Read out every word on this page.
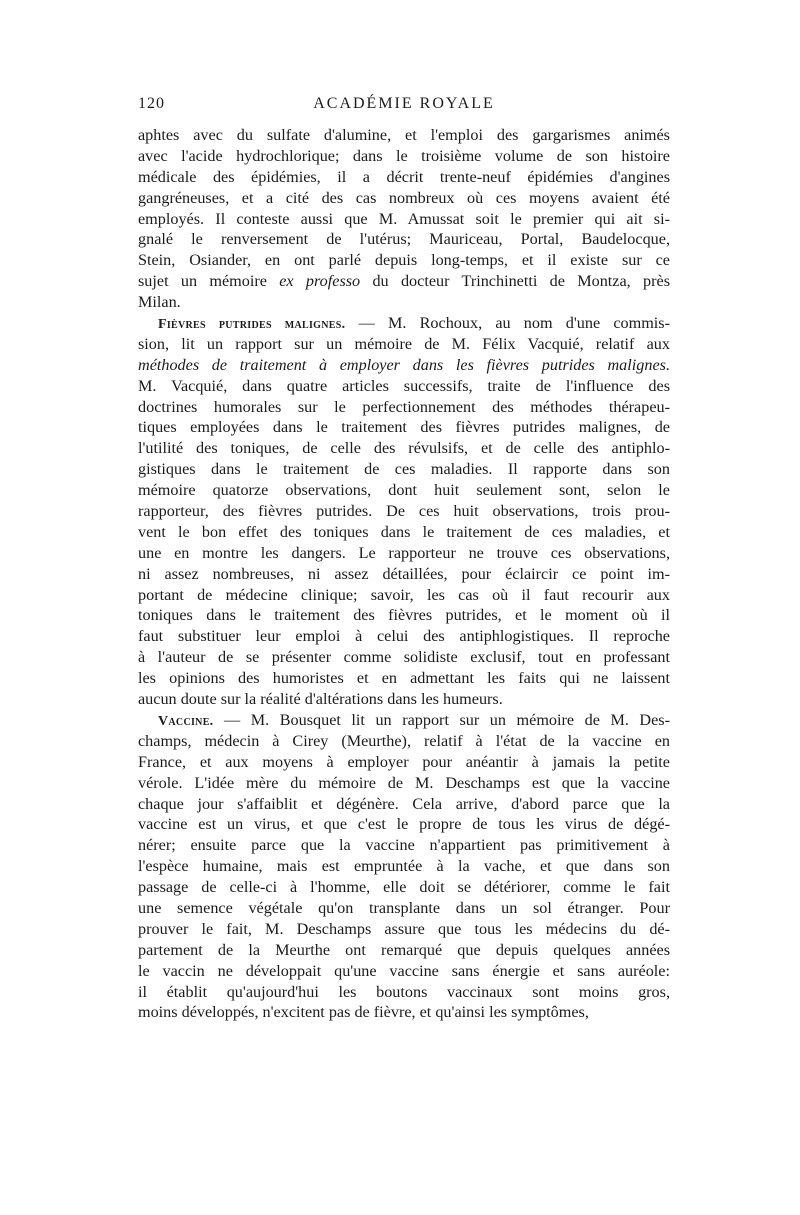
120	ACADÉMIE ROYALE
aphtes avec du sulfate d'alumine, et l'emploi des gargarismes animés
avec l'acide hydrochlorique; dans le troisième volume de son histoire
médicale des épidémies, il a décrit trente-neuf épidémies d'angines
gangréneuses, et a cité des cas nombreux où ces moyens avaient été
employés. Il conteste aussi que M. Amussat soit le premier qui ait si-
gnalé le renversement de l'utérus; Mauriceau, Portal, Baudelocque,
Stein, Osiander, en ont parlé depuis long-temps, et il existe sur ce
sujet un mémoire ex professo du docteur Trinchinetti de Montza, près
Milan.
Fièvres putrides malignes. — M. Rochoux, au nom d'une commis-
sion, lit un rapport sur un mémoire de M. Félix Vacquié, relatif aux
méthodes de traitement à employer dans les fièvres putrides malignes.
M. Vacquié, dans quatre articles successifs, traite de l'influence des
doctrines humorales sur le perfectionnement des méthodes thérapeu-
tiques employées dans le traitement des fièvres putrides malignes, de
l'utilité des toniques, de celle des révulsifs, et de celle des antiphlo-
gistiques dans le traitement de ces maladies. Il rapporte dans son
mémoire quatorze observations, dont huit seulement sont, selon le
rapporteur, des fièvres putrides. De ces huit observations, trois prou-
vent le bon effet des toniques dans le traitement de ces maladies, et
une en montre les dangers. Le rapporteur ne trouve ces observations,
ni assez nombreuses, ni assez détaillées, pour éclaircir ce point im-
portant de médecine clinique; savoir, les cas où il faut recourir aux
toniques dans le traitement des fièvres putrides, et le moment où il
faut substituer leur emploi à celui des antiphlogistiques. Il reproche
à l'auteur de se présenter comme solidiste exclusif, tout en professant
les opinions des humoristes et en admettant les faits qui ne laissent
aucun doute sur la réalité d'altérations dans les humeurs.
Vaccine. — M. Bousquet lit un rapport sur un mémoire de M. Des-
champs, médecin à Cirey (Meurthe), relatif à l'état de la vaccine en
France, et aux moyens à employer pour anéantir à jamais la petite
vérole. L'idée mère du mémoire de M. Deschamps est que la vaccine
chaque jour s'affaiblit et dégénère. Cela arrive, d'abord parce que la
vaccine est un virus, et que c'est le propre de tous les virus de dégé-
nérer; ensuite parce que la vaccine n'appartient pas primitivement à
l'espèce humaine, mais est empruntée à la vache, et que dans son
passage de celle-ci à l'homme, elle doit se détériorer, comme le fait
une semence végétale qu'on transplante dans un sol étranger. Pour
prouver le fait, M. Deschamps assure que tous les médecins du dé-
partement de la Meurthe ont remarqué que depuis quelques années
le vaccin ne développait qu'une vaccine sans énergie et sans auréole:
il établit qu'aujourd'hui les boutons vaccinaux sont moins gros,
moins développés, n'excitent pas de fièvre, et qu'ainsi les symptômes,
